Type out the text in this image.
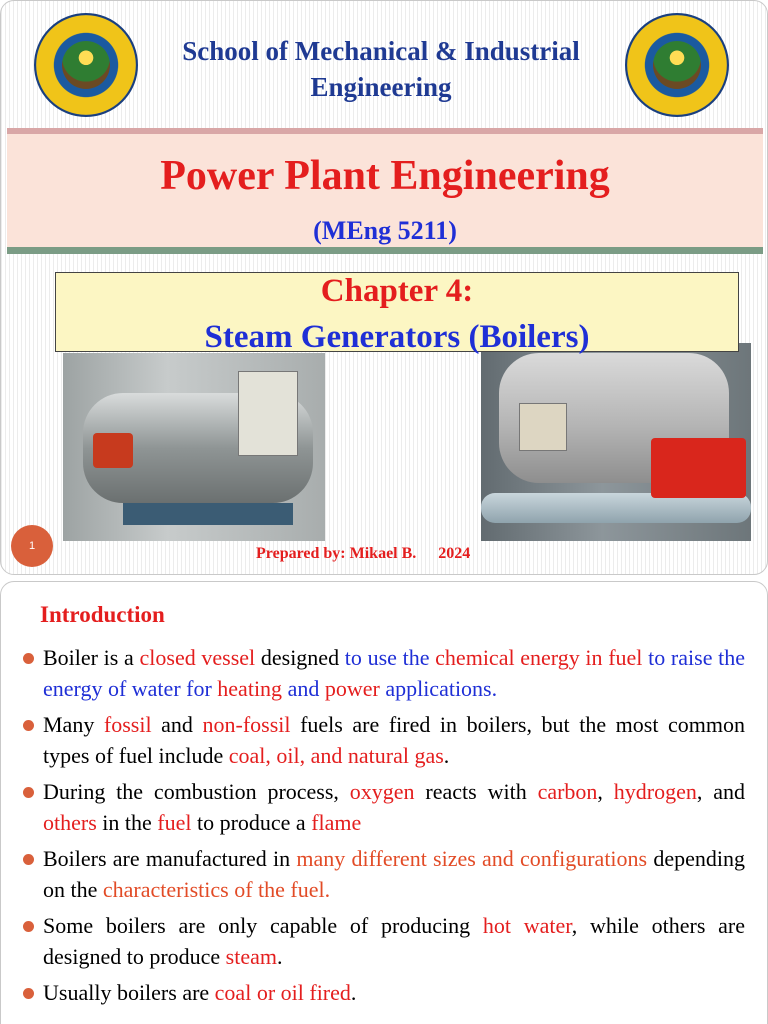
School of Mechanical & Industrial Engineering
Power Plant Engineering
(MEng 5211)
Chapter 4:
Steam Generators (Boilers)
1	Prepared by: Mikael B. 2024
Introduction
Boiler is a closed vessel designed to use the chemical energy in fuel to raise the energy of water for heating and power applications.
Many fossil and non-fossil fuels are fired in boilers, but the most common types of fuel include coal, oil, and natural gas.
During the combustion process, oxygen reacts with carbon, hydrogen, and others in the fuel to produce a flame
Boilers are manufactured in many different sizes and configurations depending on the characteristics of the fuel.
Some boilers are only capable of producing hot water, while others are designed to produce steam.
Usually boilers are coal or oil fired.
